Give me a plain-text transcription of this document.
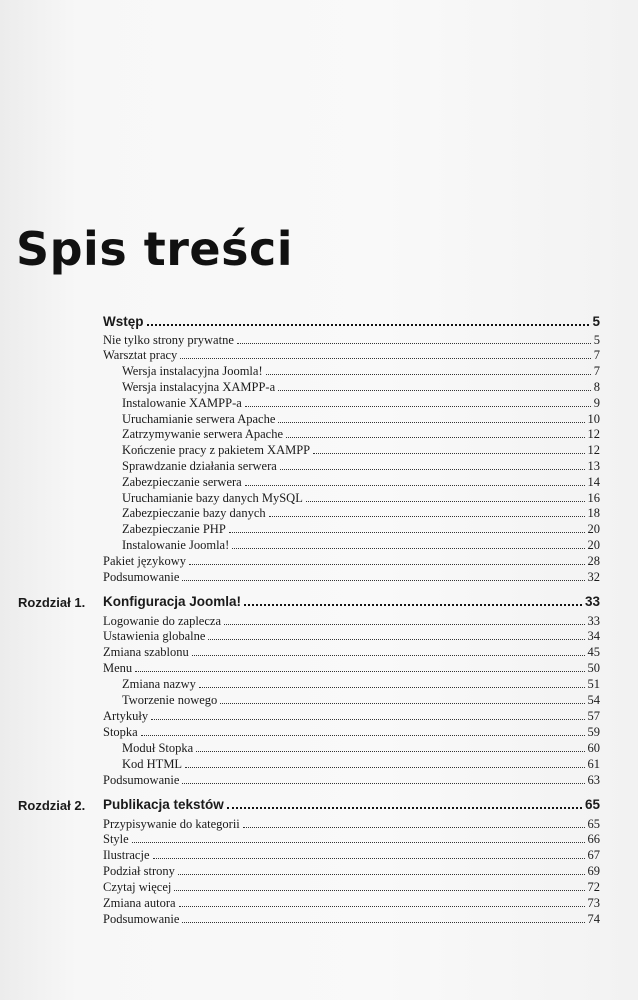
Spis treści
Wstęp	5
Nie tylko strony prywatne	5
Warsztat pracy	7
Wersja instalacyjna Joomla!	7
Wersja instalacyjna XAMPP-a	8
Instalowanie XAMPP-a	9
Uruchamianie serwera Apache	10
Zatrzymywanie serwera Apache	12
Kończenie pracy z pakietem XAMPP	12
Sprawdzanie działania serwera	13
Zabezpieczanie serwera	14
Uruchamianie bazy danych MySQL	16
Zabezpieczanie bazy danych	18
Zabezpieczanie PHP	20
Instalowanie Joomla!	20
Pakiet językowy	28
Podsumowanie	32
Rozdział 1. Konfiguracja Joomla!	33
Logowanie do zaplecza	33
Ustawienia globalne	34
Zmiana szablonu	45
Menu	50
Zmiana nazwy	51
Tworzenie nowego	54
Artykuły	57
Stopka	59
Moduł Stopka	60
Kod HTML	61
Podsumowanie	63
Rozdział 2. Publikacja tekstów	65
Przypisywanie do kategorii	65
Style	66
Ilustracje	67
Podział strony	69
Czytaj więcej	72
Zmiana autora	73
Podsumowanie	74
